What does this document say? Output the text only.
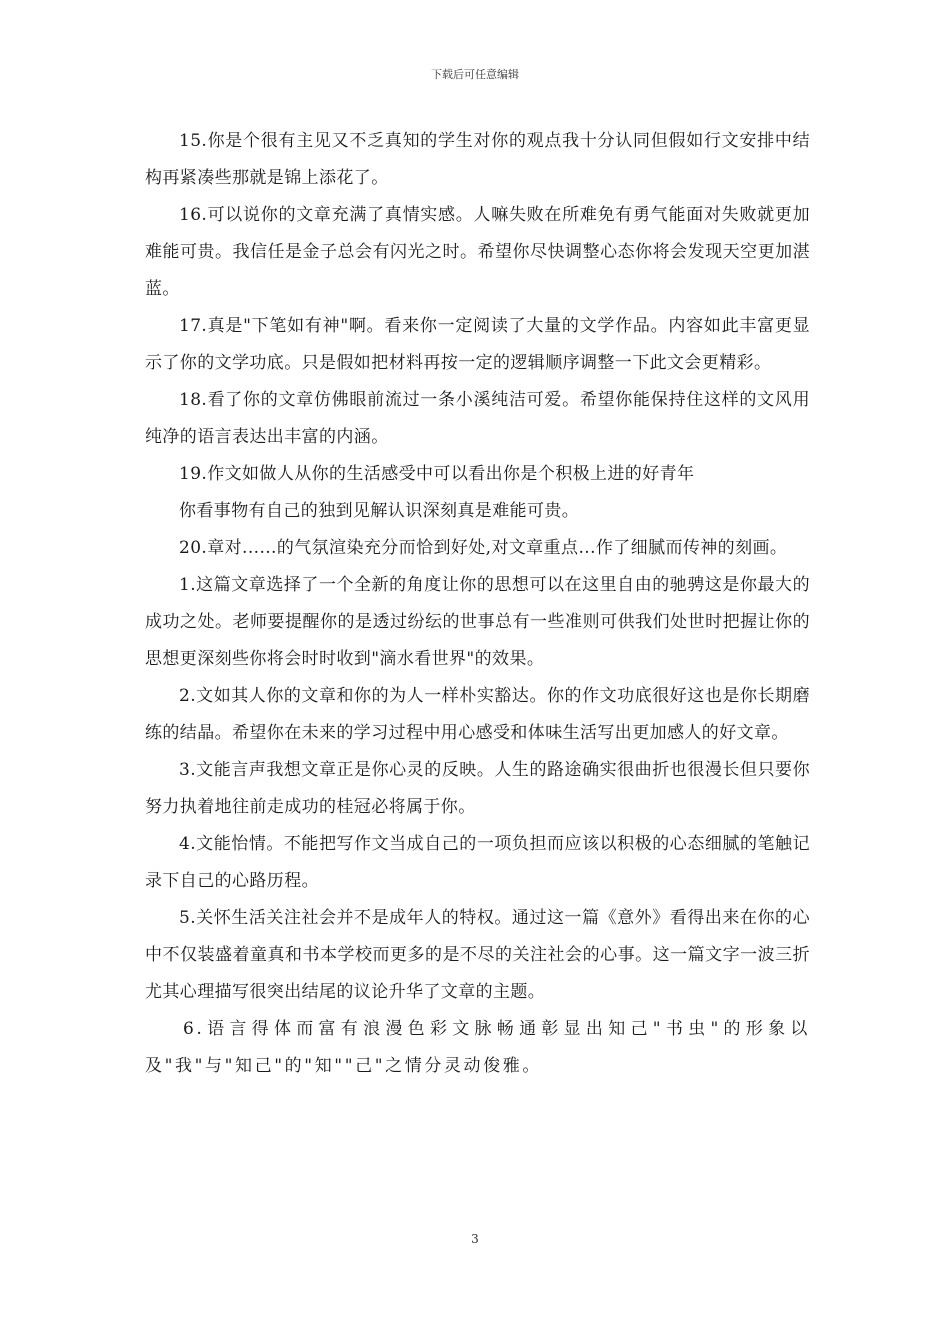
下载后可任意编辑

15.你是个很有主见又不乏真知的学生对你的观点我十分认同但假如行文安排中结构再紧凑些那就是锦上添花了。

16.可以说你的文章充满了真情实感。人嘛失败在所难免有勇气能面对失败就更加难能可贵。我信任是金子总会有闪光之时。希望你尽快调整心态你将会发现天空更加湛蓝。

17.真是"下笔如有神"啊。看来你一定阅读了大量的文学作品。内容如此丰富更显示了你的文学功底。只是假如把材料再按一定的逻辑顺序调整一下此文会更精彩。

18.看了你的文章仿佛眼前流过一条小溪纯洁可爱。希望你能保持住这样的文风用纯净的语言表达出丰富的内涵。

19.作文如做人从你的生活感受中可以看出你是个积极上进的好青年

你看事物有自己的独到见解认识深刻真是难能可贵。

20.章对......的气氛渲染充分而恰到好处,对文章重点...作了细腻而传神的刻画。

1.这篇文章选择了一个全新的角度让你的思想可以在这里自由的驰骋这是你最大的成功之处。老师要提醒你的是透过纷纭的世事总有一些准则可供我们处世时把握让你的思想更深刻些你将会时时收到"滴水看世界"的效果。

2.文如其人你的文章和你的为人一样朴实豁达。你的作文功底很好这也是你长期磨练的结晶。希望你在未来的学习过程中用心感受和体味生活写出更加感人的好文章。

3.文能言声我想文章正是你心灵的反映。人生的路途确实很曲折也很漫长但只要你努力执着地往前走成功的桂冠必将属于你。

4.文能怡情。不能把写作文当成自己的一项负担而应该以积极的心态细腻的笔触记录下自己的心路历程。

5.关怀生活关注社会并不是成年人的特权。通过这一篇《意外》看得出来在你的心中不仅装盛着童真和书本学校而更多的是不尽的关注社会的心事。这一篇文字一波三折尤其心理描写很突出结尾的议论升华了文章的主题。

6.语言得体而富有浪漫色彩文脉畅通彰显出知己"书虫"的形象以及"我"与"知己"的"知""己"之情分灵动俊雅。

3
